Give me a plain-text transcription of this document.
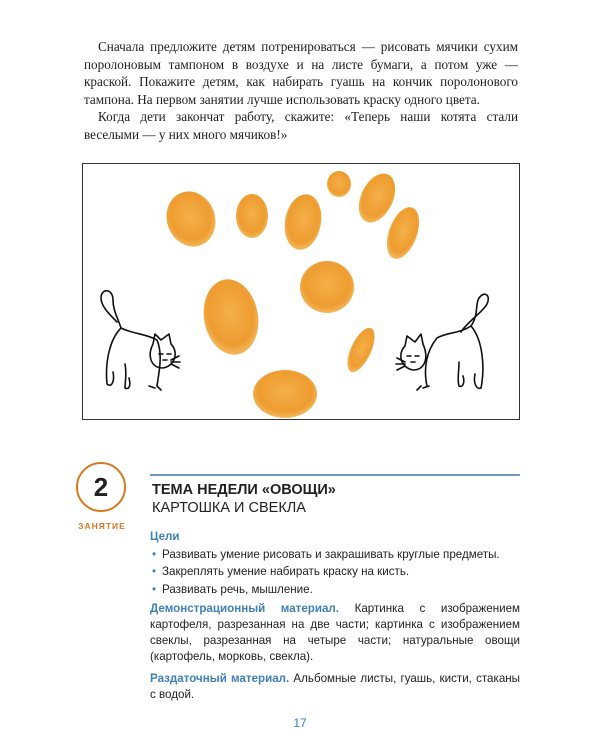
Сначала предложите детям потренироваться — рисовать мячики сухим поролоновым тампоном в воздухе и на листе бумаги, а потом уже — краской. Покажите детям, как набирать гуашь на кончик поролонового тампона. На первом занятии лучше использовать краску одного цвета.

Когда дети закончат работу, скажите: «Теперь наши котята стали веселыми — у них много мячиков!»

2
ЗАНЯТИЕ
ТЕМА НЕДЕЛИ «ОВОЩИ»
КАРТОШКА И СВЕКЛА

Цели

• Развивать умение рисовать и закрашивать круглые предметы.
• Закреплять умение набирать краску на кисть.
• Развивать речь, мышление.

Демонстрационный материал. Картинка с изображением картофеля, разрезанная на две части; картинка с изображением свеклы, разрезанная на четыре части; натуральные овощи (картофель, морковь, свекла).

Раздаточный материал. Альбомные листы, гуашь, кисти, стаканы с водой.

17
